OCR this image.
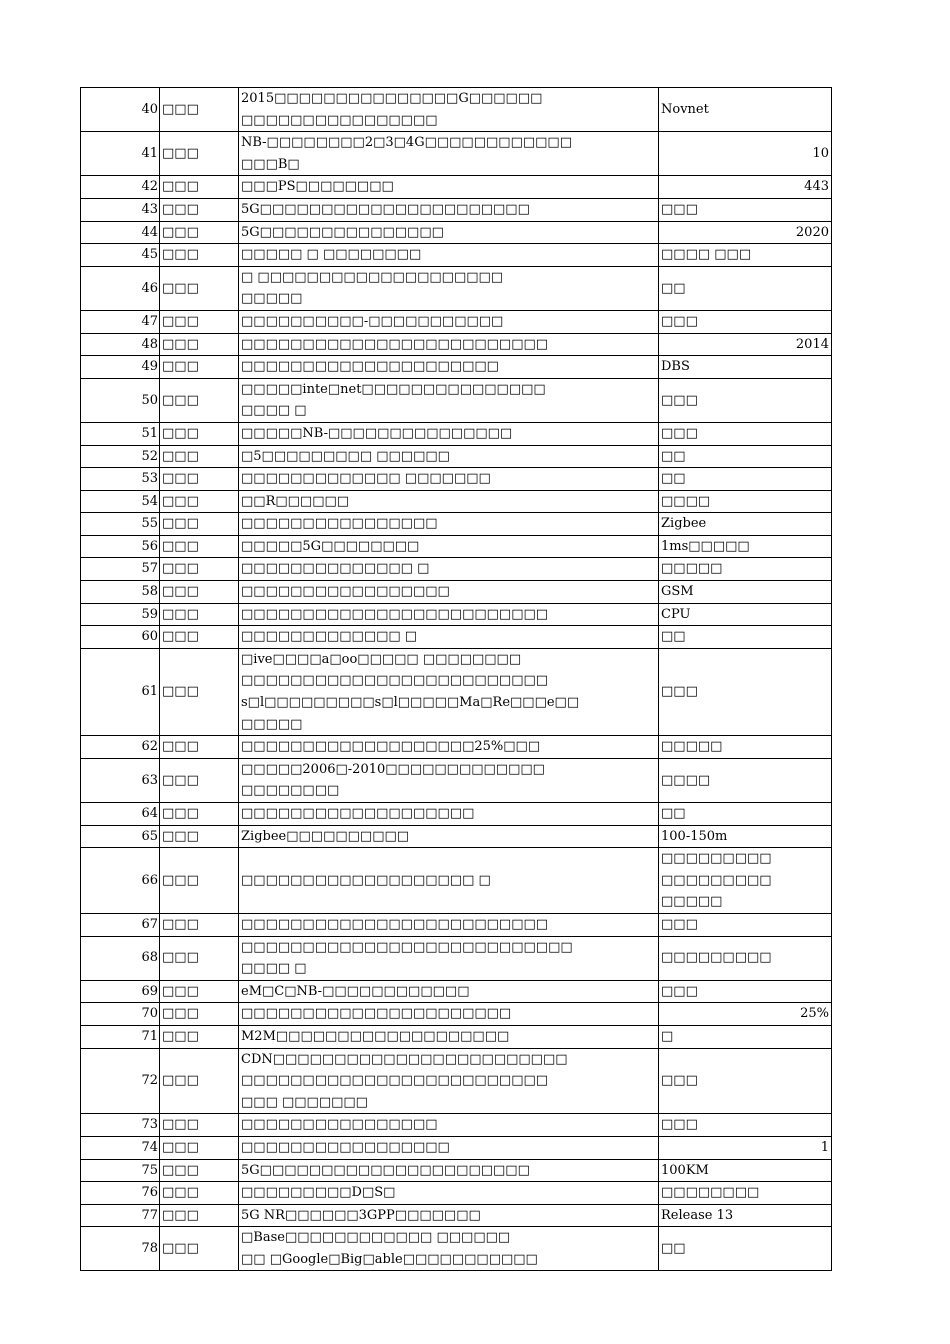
40	□□□	2015□□□□□□□□□□□□□□□G□□□□□□
□□□□□□□□□□□□□□□□	Novnet
41	□□□	NB-□□□□□□□□2□3□4G□□□□□□□□□□□□
□□□B□	10
42	□□□	□□□PS□□□□□□□□	443
43	□□□	5G□□□□□□□□□□□□□□□□□□□□□□	□□□
44	□□□	5G□□□□□□□□□□□□□□□	2020
45	□□□	□□□□□ □ □□□□□□□□	□□□□ □□□
46	□□□	□ □□□□□□□□□□□□□□□□□□□□
□□□□□	□□
47	□□□	□□□□□□□□□□-□□□□□□□□□□□	□□□
48	□□□	□□□□□□□□□□□□□□□□□□□□□□□□□	2014
49	□□□	□□□□□□□□□□□□□□□□□□□□□	DBS
50	□□□	□□□□□inte□net□□□□□□□□□□□□□□□
□□□□ □	□□□
51	□□□	□□□□□NB-□□□□□□□□□□□□□□□	□□□
52	□□□	□5□□□□□□□□□ □□□□□□	□□
53	□□□	□□□□□□□□□□□□□ □□□□□□□	□□
54	□□□	□□R□□□□□□	□□□□
55	□□□	□□□□□□□□□□□□□□□□	Zigbee
56	□□□	□□□□□5G□□□□□□□□	1ms□□□□□
57	□□□	□□□□□□□□□□□□□□ □	□□□□□
58	□□□	□□□□□□□□□□□□□□□□□	GSM
59	□□□	□□□□□□□□□□□□□□□□□□□□□□□□□	CPU
60	□□□	□□□□□□□□□□□□□ □	□□
61	□□□	□ive□□□□a□oo□□□□□ □□□□□□□□
□□□□□□□□□□□□□□□□□□□□□□□□□
s□l□□□□□□□□□s□l□□□□□Ma□Re□□□e□□
□□□□□	□□□
62	□□□	□□□□□□□□□□□□□□□□□□□25%□□□	□□□□□
63	□□□	□□□□□2006□-2010□□□□□□□□□□□□□
□□□□□□□□	□□□□
64	□□□	□□□□□□□□□□□□□□□□□□□	□□
65	□□□	Zigbee□□□□□□□□□□	100-150m
66	□□□	□□□□□□□□□□□□□□□□□□□ □	□□□□□□□□□
□□□□□□□□□
□□□□□
67	□□□	□□□□□□□□□□□□□□□□□□□□□□□□□	□□□
68	□□□	□□□□□□□□□□□□□□□□□□□□□□□□□□□
□□□□ □	□□□□□□□□□
69	□□□	eM□C□NB-□□□□□□□□□□□□	□□□
70	□□□	□□□□□□□□□□□□□□□□□□□□□□	25%
71	□□□	M2M□□□□□□□□□□□□□□□□□□□	□
72	□□□	CDN□□□□□□□□□□□□□□□□□□□□□□□□
□□□□□□□□□□□□□□□□□□□□□□□□□
□□□ □□□□□□□	□□□
73	□□□	□□□□□□□□□□□□□□□□	□□□
74	□□□	□□□□□□□□□□□□□□□□□	1
75	□□□	5G□□□□□□□□□□□□□□□□□□□□□□	100KM
76	□□□	□□□□□□□□□D□S□	□□□□□□□□
77	□□□	5G NR□□□□□□3GPP□□□□□□□	Release 13
78	□□□	□Base□□□□□□□□□□□□ □□□□□□
□□ □Google□Big□able□□□□□□□□□□□	□□
